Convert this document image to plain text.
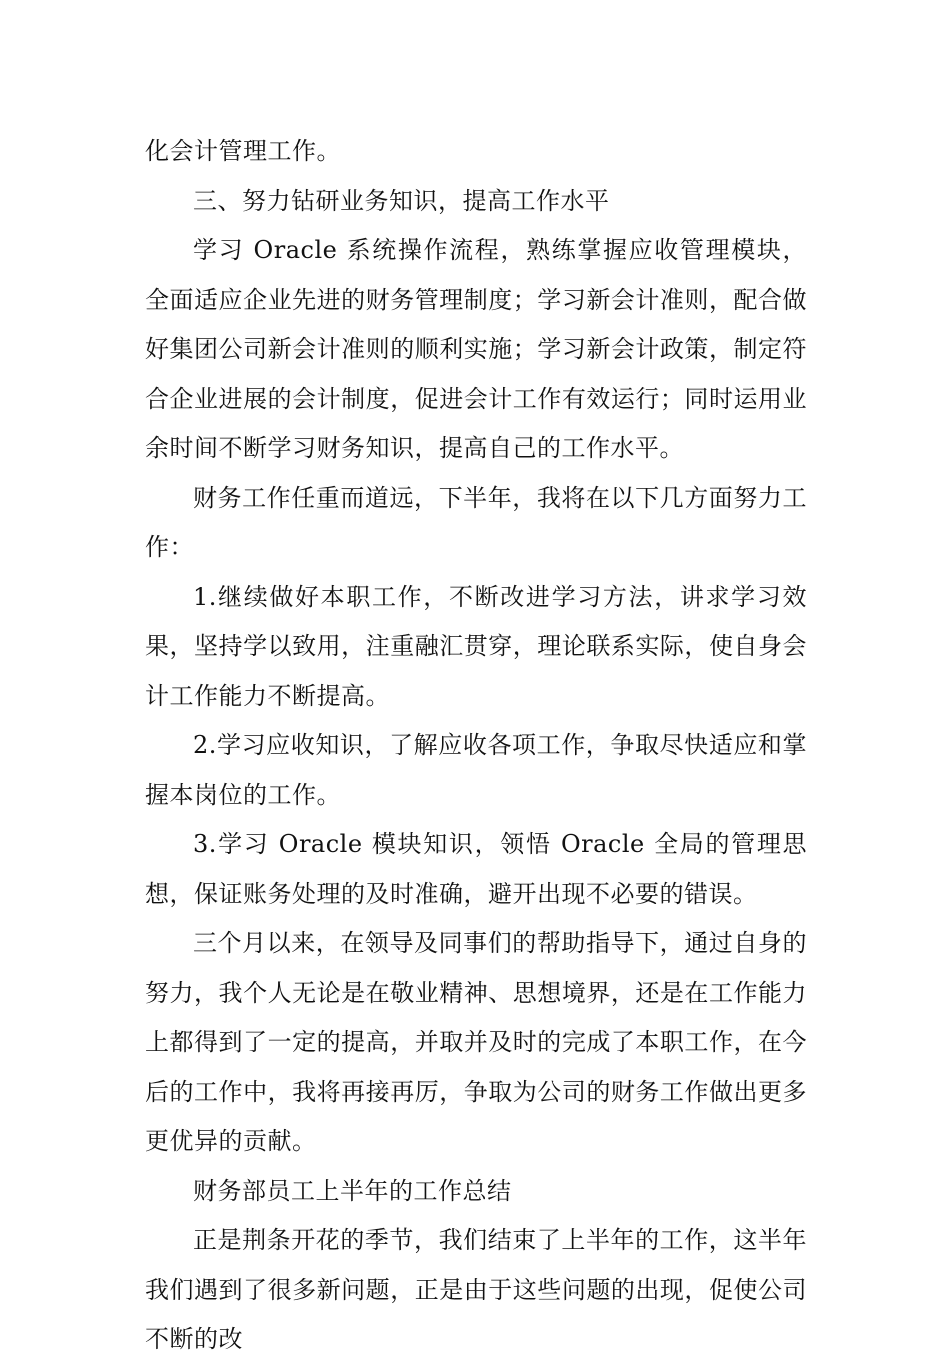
化会计管理工作。

三、努力钻研业务知识，提高工作水平

学习 Oracle 系统操作流程，熟练掌握应收管理模块，全面适应企业先进的财务管理制度；学习新会计准则，配合做好集团公司新会计准则的顺利实施；学习新会计政策，制定符合企业进展的会计制度，促进会计工作有效运行；同时运用业余时间不断学习财务知识，提高自己的工作水平。

财务工作任重而道远，下半年，我将在以下几方面努力工作：

1.继续做好本职工作，不断改进学习方法，讲求学习效果，坚持学以致用，注重融汇贯穿，理论联系实际，使自身会计工作能力不断提高。

2.学习应收知识，了解应收各项工作，争取尽快适应和掌握本岗位的工作。

3.学习 Oracle 模块知识，领悟 Oracle 全局的管理思想，保证账务处理的及时准确，避开出现不必要的错误。

三个月以来，在领导及同事们的帮助指导下，通过自身的努力，我个人无论是在敬业精神、思想境界，还是在工作能力上都得到了一定的提高，并取并及时的完成了本职工作，在今后的工作中，我将再接再厉，争取为公司的财务工作做出更多更优异的贡献。

财务部员工上半年的工作总结

正是荆条开花的季节，我们结束了上半年的工作，这半年我们遇到了很多新问题，正是由于这些问题的出现，促使公司不断的改
